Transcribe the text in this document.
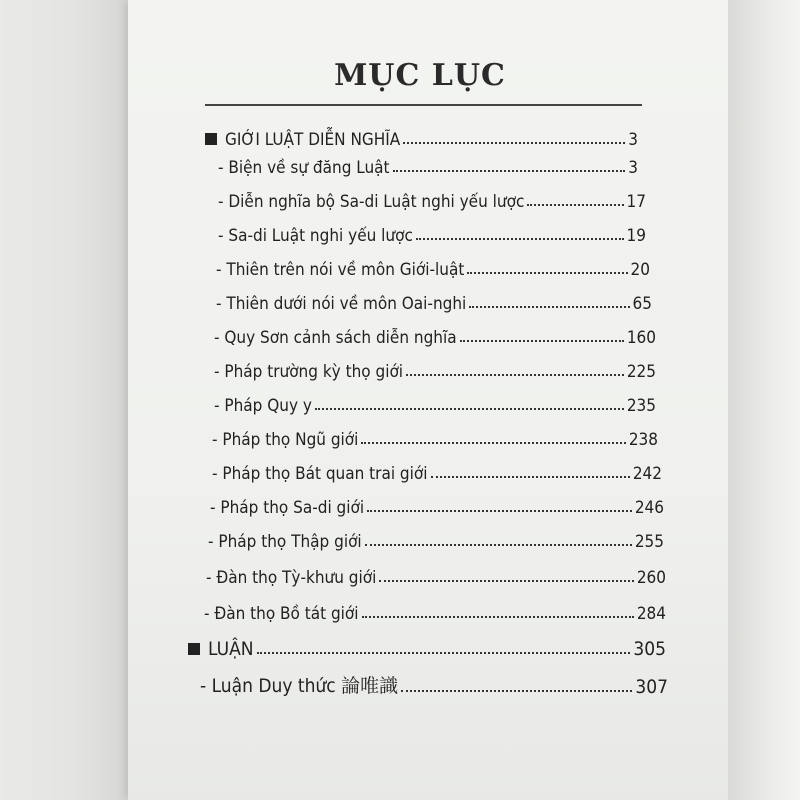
MỤC LỤC
GIỚI LUẬT DIỄN NGHĨA	3
- Biện về sự đăng Luật	3
- Diễn nghĩa bộ Sa-di Luật nghi yếu lược	17
- Sa-di Luật nghi yếu lược	19
- Thiên trên nói về môn Giới-luật	20
- Thiên dưới nói về môn Oai-nghi	65
- Quy Sơn cảnh sách diễn nghĩa	160
- Pháp trường kỳ thọ giới	225
- Pháp Quy y	235
- Pháp thọ Ngũ giới	238
- Pháp thọ Bát quan trai giới	242
- Pháp thọ Sa-di giới	246
- Pháp thọ Thập giới	255
- Đàn thọ Tỳ-khưu giới	260
- Đàn thọ Bồ tát giới	284
LUẬN	305
- Luận Duy thức 論唯識	307
